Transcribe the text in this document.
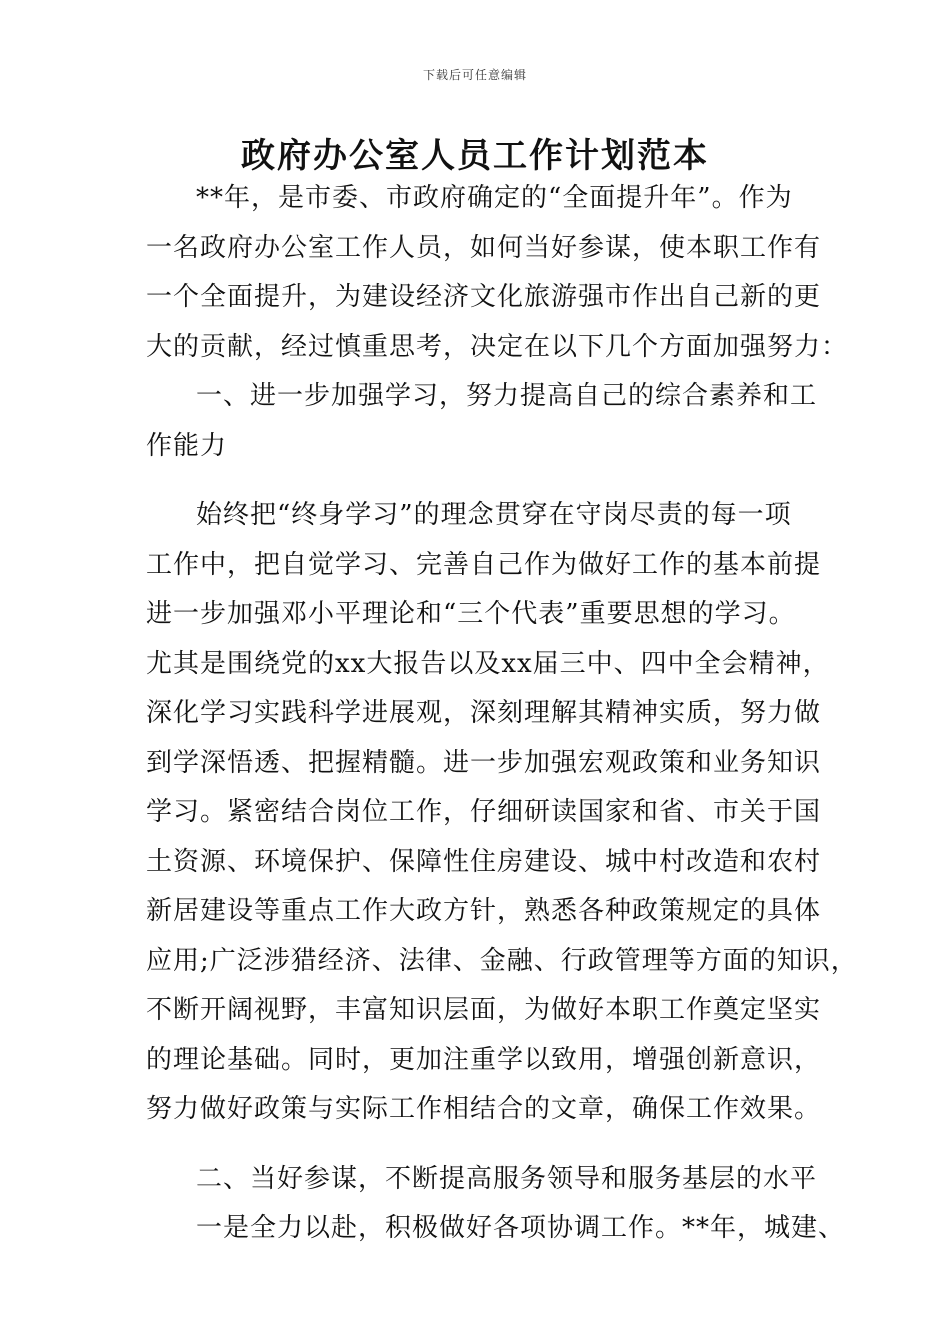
下载后可任意编辑
政府办公室人员工作计划范本
**年，是市委、市政府确定的“全面提升年”。作为
一名政府办公室工作人员，如何当好参谋，使本职工作有
一个全面提升，为建设经济文化旅游强市作出自己新的更
大的贡献，经过慎重思考，决定在以下几个方面加强努力：
一、进一步加强学习，努力提高自己的综合素养和工
作能力
始终把“终身学习”的理念贯穿在守岗尽责的每一项
工作中，把自觉学习、完善自己作为做好工作的基本前提
进一步加强邓小平理论和“三个代表”重要思想的学习。
尤其是围绕党的xx大报告以及xx届三中、四中全会精神，
深化学习实践科学进展观，深刻理解其精神实质，努力做
到学深悟透、把握精髓。进一步加强宏观政策和业务知识
学习。紧密结合岗位工作，仔细研读国家和省、市关于国
土资源、环境保护、保障性住房建设、城中村改造和农村
新居建设等重点工作大政方针，熟悉各种政策规定的具体
应用;广泛涉猎经济、法律、金融、行政管理等方面的知识，
不断开阔视野，丰富知识层面，为做好本职工作奠定坚实
的理论基础。同时，更加注重学以致用，增强创新意识，
努力做好政策与实际工作相结合的文章，确保工作效果。
二、当好参谋，不断提高服务领导和服务基层的水平
一是全力以赴，积极做好各项协调工作。**年，城建、
